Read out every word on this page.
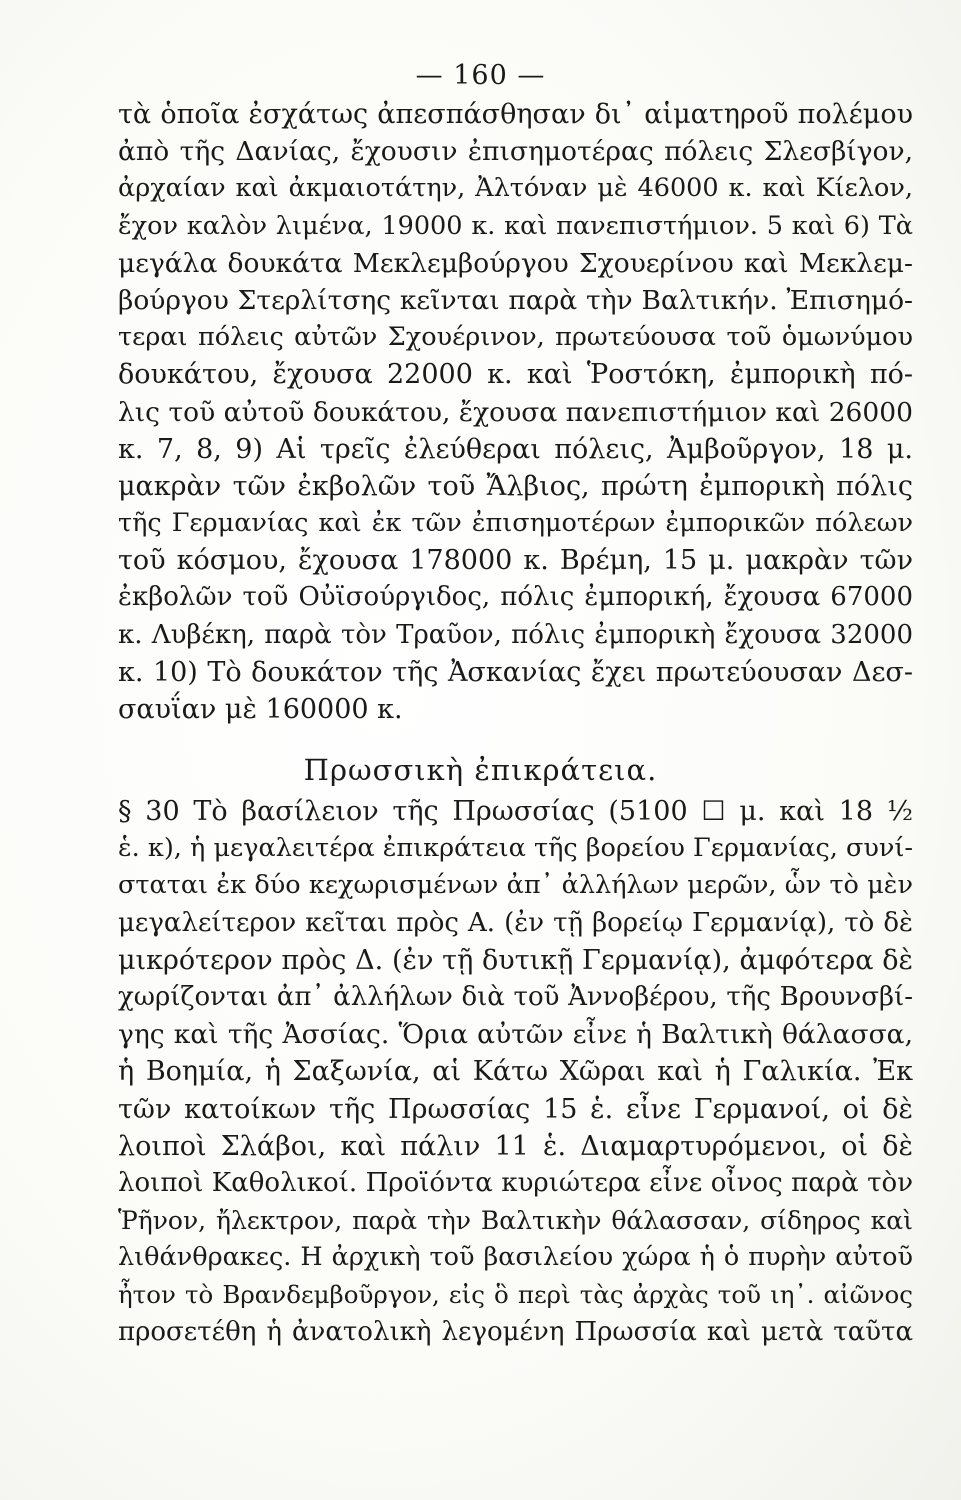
— 160 —
τὰ ὁποῖα ἐσχάτως ἀπεσπάσθησαν δι᾽ αἱματηροῦ πολέμου
ἀπὸ τῆς Δανίας, ἔχουσιν ἐπισημοτέρας πόλεις Σλεσβίγον,
ἀρχαίαν καὶ ἀκμαιοτάτην, Ἀλτόναν μὲ 46000 κ. καὶ Κίελον,
ἔχον καλὸν λιμένα, 19000 κ. καὶ πανεπιστήμιον. 5 καὶ 6) Τὰ
μεγάλα δουκάτα Μεκλεμβούργου Σχουερίνου καὶ Μεκλεμ-
βούργου Στερλίτσης κεῖνται παρὰ τὴν Βαλτικήν. Ἐπισημό-
τεραι πόλεις αὐτῶν Σχουέρινον, πρωτεύουσα τοῦ ὁμωνύμου
δουκάτου, ἔχουσα 22000 κ. καὶ Ῥοστόκη, ἐμπορικὴ πό-
λις τοῦ αὐτοῦ δουκάτου, ἔχουσα πανεπιστήμιον καὶ 26000
κ. 7, 8, 9) Αἱ τρεῖς ἐλεύθεραι πόλεις, Ἀμβοῦργον, 18 μ.
μακρὰν τῶν ἐκβολῶν τοῦ Ἄλβιος, πρώτη ἐμπορικὴ πόλις
τῆς Γερμανίας καὶ ἐκ τῶν ἐπισημοτέρων ἐμπορικῶν πόλεων
τοῦ κόσμου, ἔχουσα 178000 κ. Βρέμη, 15 μ. μακρὰν τῶν
ἐκβολῶν τοῦ Οὐϊσούργιδος, πόλις ἐμπορική, ἔχουσα 67000
κ. Λυβέκη, παρὰ τὸν Τραῦον, πόλις ἐμπορικὴ ἔχουσα 32000
κ. 10) Τὸ δουκάτον τῆς Ἀσκανίας ἔχει πρωτεύουσαν Δεσ-
σαυΐαν μὲ 160000 κ.
Πρωσσικὴ ἐπικράτεια.
§ 30 Τὸ βασίλειον τῆς Πρωσσίας (5100 ☐ μ. καὶ 18 ½
ἑ. κ), ἡ μεγαλειτέρα ἐπικράτεια τῆς βορείου Γερμανίας, συνί-
σταται ἐκ δύο κεχωρισμένων ἀπ᾽ ἀλλήλων μερῶν, ὧν τὸ μὲν
μεγαλείτερον κεῖται πρὸς Α. (ἐν τῇ βορείῳ Γερμανίᾳ), τὸ δὲ
μικρότερον πρὸς Δ. (ἐν τῇ δυτικῇ Γερμανίᾳ), ἀμφότερα δὲ
χωρίζονται ἀπ᾽ ἀλλήλων διὰ τοῦ Ἀννοβέρου, τῆς Βρουνσβί-
γης καὶ τῆς Ἀσσίας. Ὅρια αὐτῶν εἶνε ἡ Βαλτικὴ θάλασσα,
ἡ Βοημία, ἡ Σαξωνία, αἱ Κάτω Χῶραι καὶ ἡ Γαλικία. Ἐκ
τῶν κατοίκων τῆς Πρωσσίας 15 ἑ. εἶνε Γερμανοί, οἱ δὲ
λοιποὶ Σλάβοι, καὶ πάλιν 11 ἑ. Διαμαρτυρόμενοι, οἱ δὲ
λοιποὶ Καθολικοί. Προϊόντα κυριώτερα εἶνε οἶνος παρὰ τὸν
Ῥῆνον, ἤλεκτρον, παρὰ τὴν Βαλτικὴν θάλασσαν, σίδηρος καὶ
λιθάνθρακες. Η ἀρχικὴ τοῦ βασιλείου χώρα ἡ ὁ πυρὴν αὐτοῦ
ἦτον τὸ Βρανδεμβοῦργον, εἰς ὃ περὶ τὰς ἀρχὰς τοῦ ιη᾽. αἰῶνος
προσετέθη ἡ ἀνατολικὴ λεγομένη Πρωσσία καὶ μετὰ ταῦτα
